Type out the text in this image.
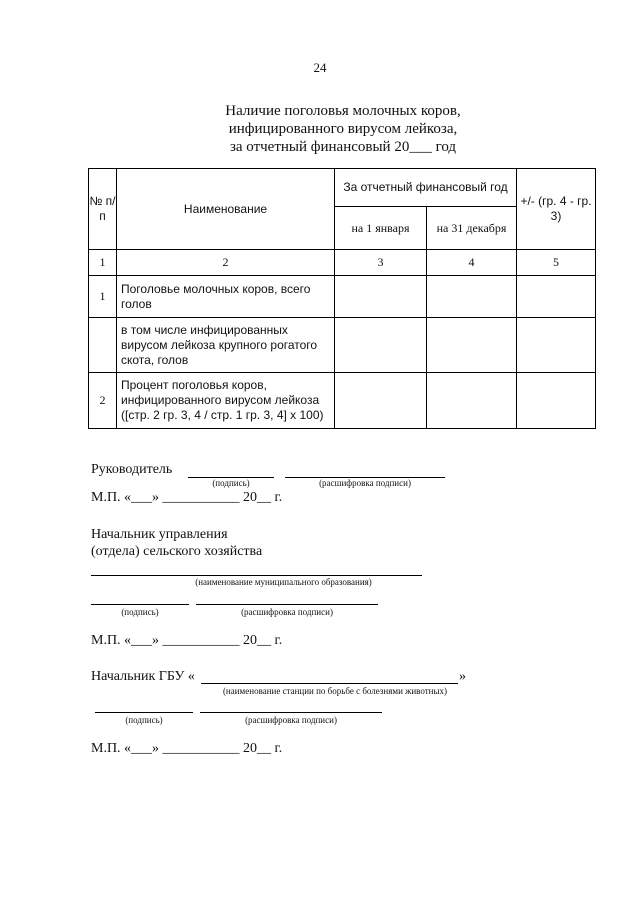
24
Наличие поголовья молочных коров,
инфицированного вирусом лейкоза,
за отчетный финансовый 20___ год
№ п/п	Наименование	За отчетный финансовый год		+/- (гр. 4 - гр. 3)
		на 1 января	на 31 декабря	
1	2	3	4	5
1	Поголовье молочных коров, всего голов			
	в том числе инфицированных вирусом лейкоза крупного рогатого скота, голов			
2	Процент поголовья коров, инфицированного вирусом лейкоза ([стр. 2 гр. 3, 4 / стр. 1 гр. 3, 4] x 100)			
Руководитель
(подпись)	(расшифровка подписи)
М.П. «___» ___________ 20__ г.
Начальник управления
(отдела) сельского хозяйства
(наименование муниципального образования)
(подпись)	(расшифровка подписи)
М.П. «___» ___________ 20__ г.
Начальник ГБУ «	»
(наименование станции по борьбе с болезнями животных)
(подпись)	(расшифровка подписи)
М.П. «___» ___________ 20__ г.
